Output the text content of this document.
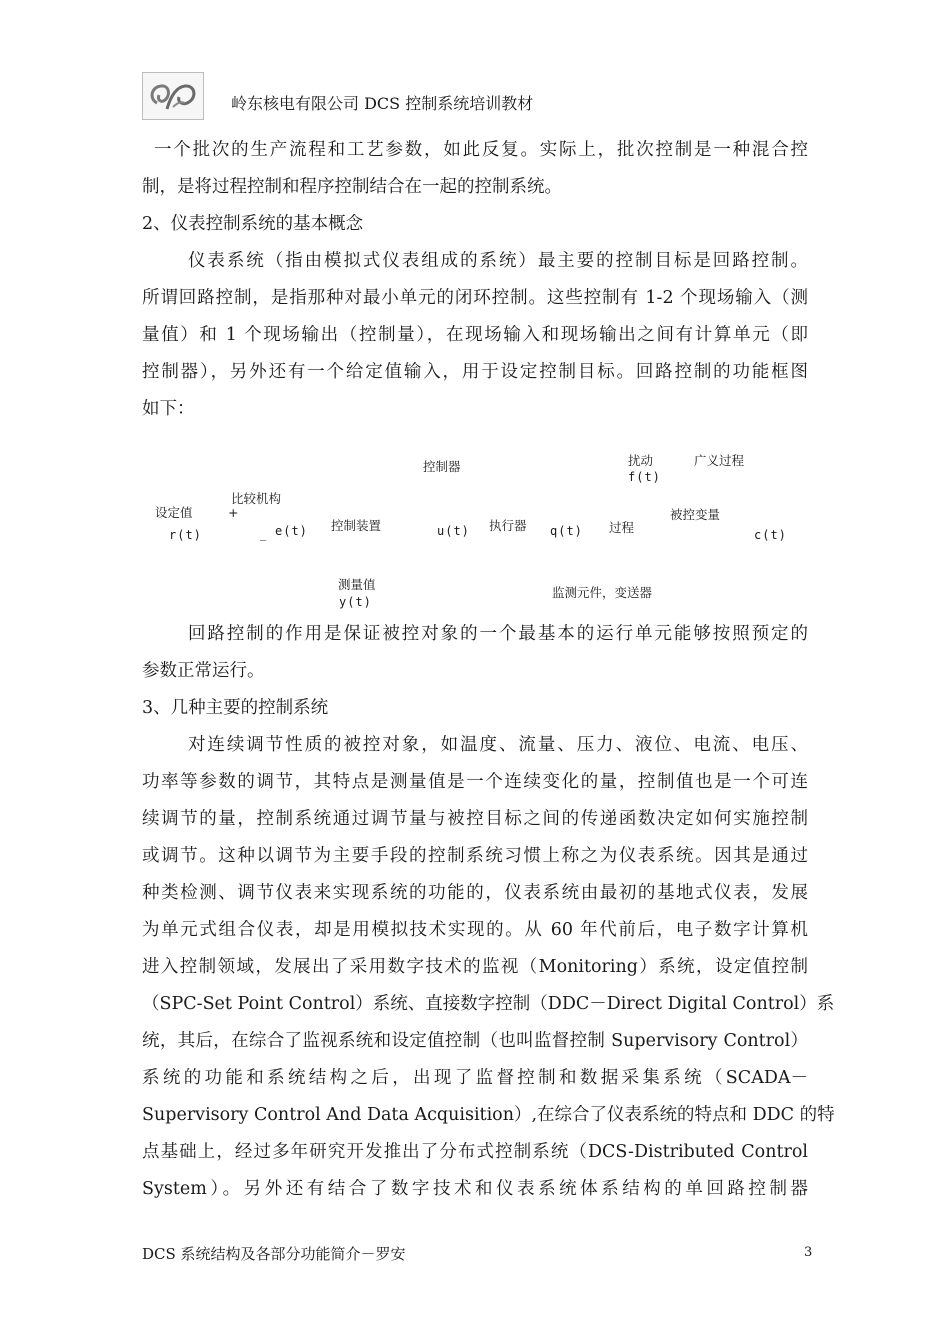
岭东核电有限公司 DCS 控制系统培训教材
一个批次的生产流程和工艺参数，如此反复。实际上，批次控制是一种混合控
制，是将过程控制和程序控制结合在一起的控制系统。
2、仪表控制系统的基本概念
仪表系统（指由模拟式仪表组成的系统）最主要的控制目标是回路控制。
所谓回路控制，是指那种对最小单元的闭环控制。这些控制有 1-2 个现场输入（测
量值）和 1 个现场输出（控制量），在现场输入和现场输出之间有计算单元（即
控制器），另外还有一个给定值输入，用于设定控制目标。回路控制的功能框图
如下：
控制器	扰动
f(t)
广义过程
比较机构
+
设定值
r(t)	_ e(t) 控制装置	u(t) 执行器 q(t) 过程
被控变量
c(t)
测量值
y(t)
监测元件，变送器
回路控制的作用是保证被控对象的一个最基本的运行单元能够按照预定的
参数正常运行。
3、几种主要的控制系统
对连续调节性质的被控对象，如温度、流量、压力、液位、电流、电压、
功率等参数的调节，其特点是测量值是一个连续变化的量，控制值也是一个可连
续调节的量，控制系统通过调节量与被控目标之间的传递函数决定如何实施控制
或调节。这种以调节为主要手段的控制系统习惯上称之为仪表系统。因其是通过
种类检测、调节仪表来实现系统的功能的，仪表系统由最初的基地式仪表，发展
为单元式组合仪表，却是用模拟技术实现的。从 60 年代前后，电子数字计算机
进入控制领域，发展出了采用数字技术的监视（Monitoring）系统，设定值控制
（SPC-Set Point Control）系统、直接数字控制（DDC－Direct Digital Control）系
统，其后，在综合了监视系统和设定值控制（也叫监督控制 Supervisory Control）
系统的功能和系统结构之后，出现了监督控制和数据采集系统（SCADA－
Supervisory Control And Data Acquisition）,在综合了仪表系统的特点和 DDC 的特
点基础上，经过多年研究开发推出了分布式控制系统（DCS-Distributed Control
System）。另外还有结合了数字技术和仪表系统体系结构的单回路控制器
DCS 系统结构及各部分功能简介－罗安	3
